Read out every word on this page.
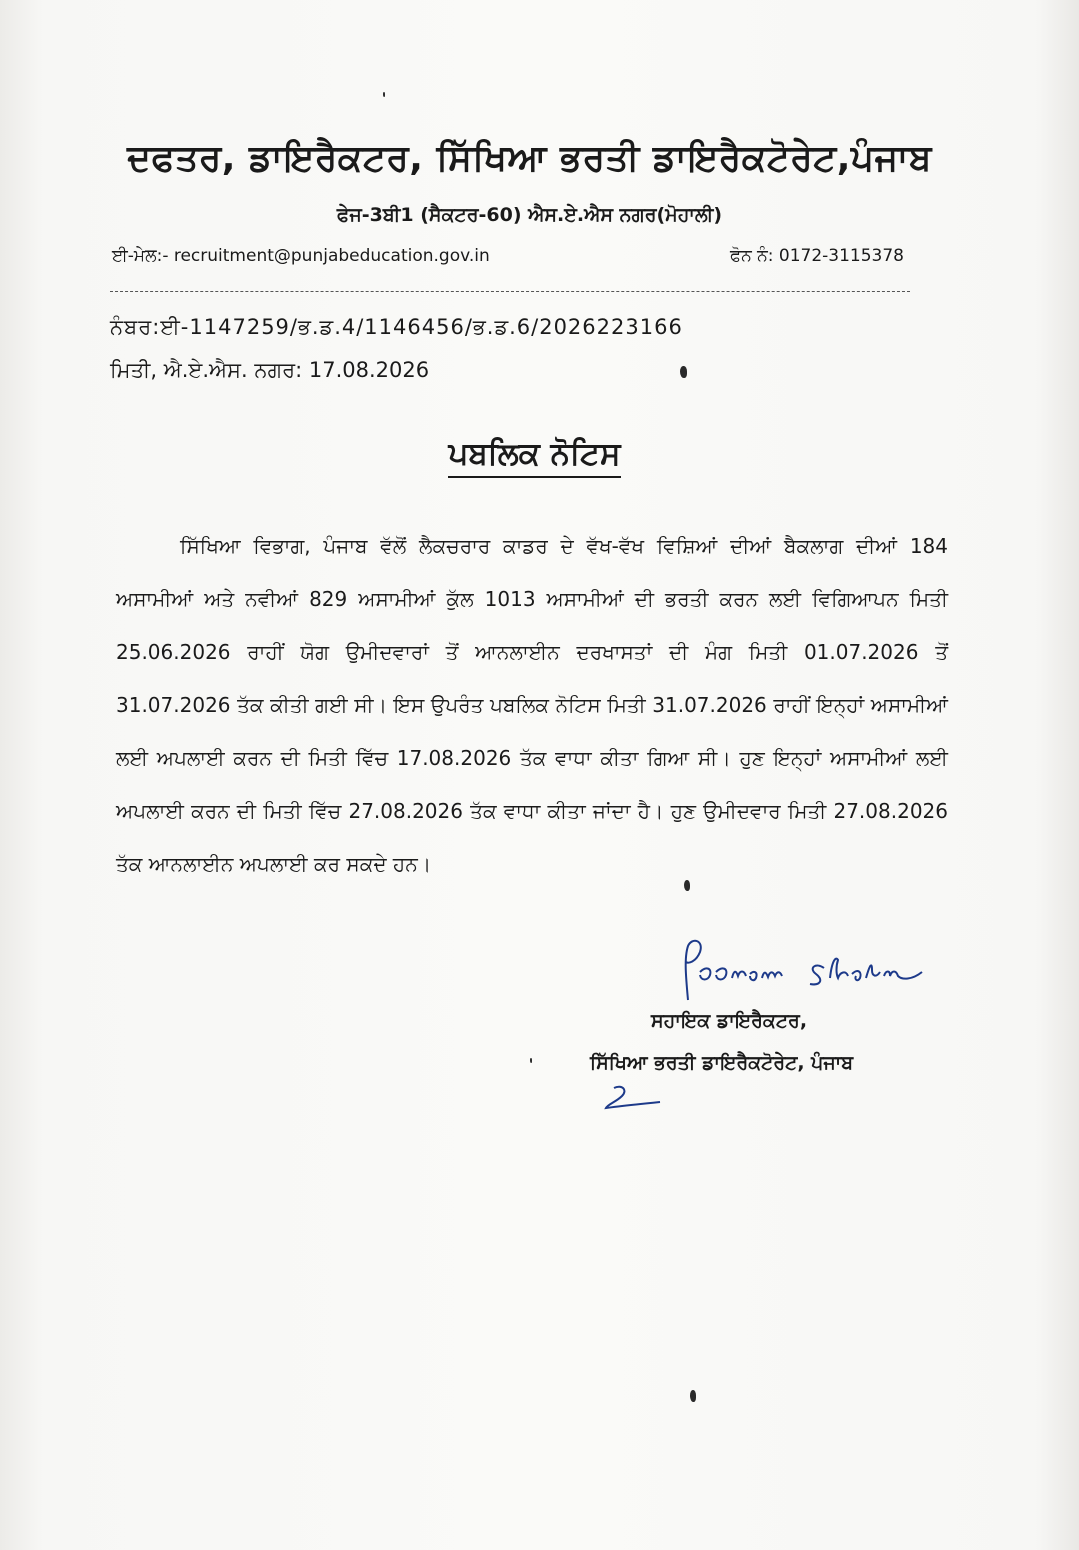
ਦਫਤਰ, ਡਾਇਰੈਕਟਰ, ਸਿੱਖਿਆ ਭਰਤੀ ਡਾਇਰੈਕਟੋਰੇਟ,ਪੰਜਾਬ
ਫੇਜ-3ਬੀ1 (ਸੈਕਟਰ-60) ਐਸ.ਏ.ਐਸ ਨਗਰ(ਮੋਹਾਲੀ)
ਈ-ਮੇਲ:- recruitment@punjabeducation.gov.in	ਫੋਨ ਨੰ: 0172-3115378
ਨੰਬਰ:ਈ-1147259/ਭ.ਡ.4/1146456/ਭ.ਡ.6/2026223166
ਮਿਤੀ, ਐ.ਏ.ਐਸ. ਨਗਰ: 17.08.2026
ਪਬਲਿਕ ਨੋਟਿਸ

ਸਿੱਖਿਆ ਵਿਭਾਗ, ਪੰਜਾਬ ਵੱਲੋਂ ਲੈਕਚਰਾਰ ਕਾਡਰ ਦੇ ਵੱਖ-ਵੱਖ ਵਿਸ਼ਿਆਂ ਦੀਆਂ ਬੈਕਲਾਗ ਦੀਆਂ 184 ਅਸਾਮੀਆਂ ਅਤੇ ਨਵੀਆਂ 829 ਅਸਾਮੀਆਂ ਕੁੱਲ 1013 ਅਸਾਮੀਆਂ ਦੀ ਭਰਤੀ ਕਰਨ ਲਈ ਵਿਗਿਆਪਨ ਮਿਤੀ 25.06.2026 ਰਾਹੀਂ ਯੋਗ ਉਮੀਦਵਾਰਾਂ ਤੋਂ ਆਨਲਾਈਨ ਦਰਖਾਸਤਾਂ ਦੀ ਮੰਗ ਮਿਤੀ 01.07.2026 ਤੋਂ 31.07.2026 ਤੱਕ ਕੀਤੀ ਗਈ ਸੀ। ਇਸ ਉਪਰੰਤ ਪਬਲਿਕ ਨੋਟਿਸ ਮਿਤੀ 31.07.2026 ਰਾਹੀਂ ਇਨ੍ਹਾਂ ਅਸਾਮੀਆਂ ਲਈ ਅਪਲਾਈ ਕਰਨ ਦੀ ਮਿਤੀ ਵਿੱਚ 17.08.2026 ਤੱਕ ਵਾਧਾ ਕੀਤਾ ਗਿਆ ਸੀ। ਹੁਣ ਇਨ੍ਹਾਂ ਅਸਾਮੀਆਂ ਲਈ ਅਪਲਾਈ ਕਰਨ ਦੀ ਮਿਤੀ ਵਿੱਚ 27.08.2026 ਤੱਕ ਵਾਧਾ ਕੀਤਾ ਜਾਂਦਾ ਹੈ। ਹੁਣ ਉਮੀਦਵਾਰ ਮਿਤੀ 27.08.2026 ਤੱਕ ਆਨਲਾਈਨ ਅਪਲਾਈ ਕਰ ਸਕਦੇ ਹਨ।

ਸਹਾਇਕ ਡਾਇਰੈਕਟਰ,
ਸਿੱਖਿਆ ਭਰਤੀ ਡਾਇਰੈਕਟੋਰੇਟ, ਪੰਜਾਬ
